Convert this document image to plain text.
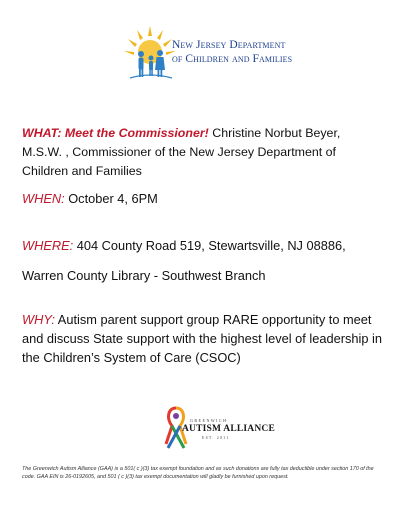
New Jersey Department
of Children and Families
WHAT: Meet the Commissioner! Christine Norbut Beyer, M.S.W. , Commissioner of the New Jersey Department of Children and Families
WHEN: October 4, 6PM
WHERE: 404 County Road 519, Stewartsville, NJ 08886,
Warren County Library - Southwest Branch
WHY: Autism parent support group RARE opportunity to meet and discuss State support with the highest level of leadership in the Children’s System of Care (CSOC)
GREENWICH
AUTISM ALLIANCE
EST. 2011
The Greenwich Autism Alliance (GAA) is a 501( c )(3) tax exempt foundation and as such donations are fully tax deductible under section 170 of the code. GAA EIN is 26-0192605, and 501 ( c )(3) tax exempt documentation will gladly be furnished upon request.
